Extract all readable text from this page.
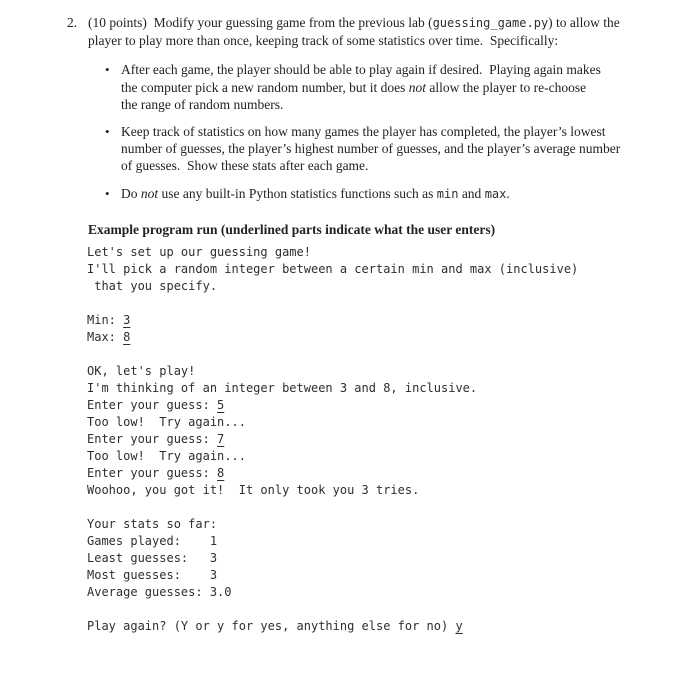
2. (10 points)  Modify your guessing game from the previous lab (guessing_game.py) to allow the
player to play more than once, keeping track of some statistics over time.  Specifically:
• After each game, the player should be able to play again if desired.  Playing again makes
the computer pick a new random number, but it does not allow the player to re-choose
the range of random numbers.
• Keep track of statistics on how many games the player has completed, the player’s lowest
number of guesses, the player’s highest number of guesses, and the player’s average number
of guesses.  Show these stats after each game.
• Do not use any built-in Python statistics functions such as min and max.
Example program run (underlined parts indicate what the user enters)
Let's set up our guessing game!
I'll pick a random integer between a certain min and max (inclusive)
that you specify.
Min: 3
Max: 8
OK, let's play!
I'm thinking of an integer between 3 and 8, inclusive.
Enter your guess: 5
Too low!  Try again...
Enter your guess: 7
Too low!  Try again...
Enter your guess: 8
Woohoo, you got it!  It only took you 3 tries.
Your stats so far:
Games played:    1
Least guesses:   3
Most guesses:    3
Average guesses: 3.0
Play again? (Y or y for yes, anything else for no) y
